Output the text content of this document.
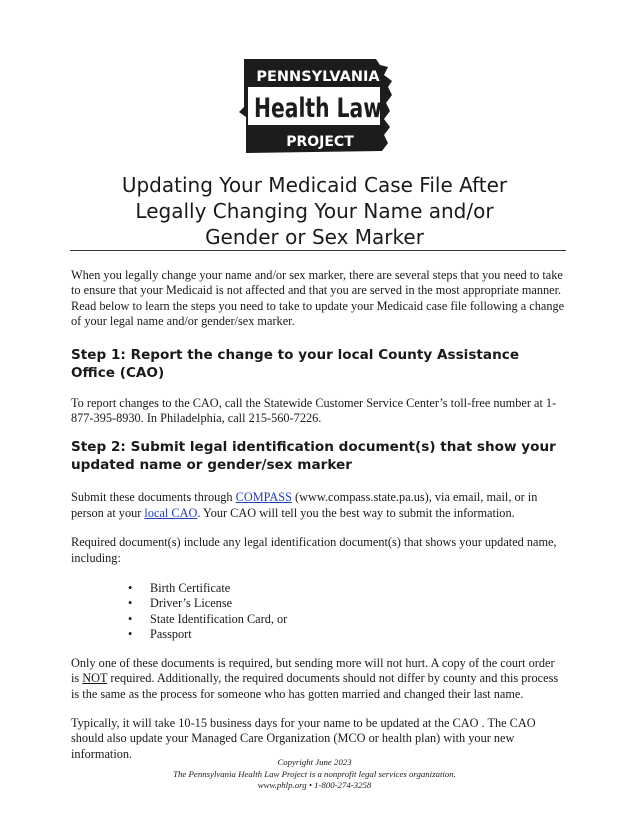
PENNSYLVANIA
Health Law
PROJECT
Updating Your Medicaid Case File After
Legally Changing Your Name and/or
Gender or Sex Marker

When you legally change your name and/or sex marker, there are several steps that you need to take to ensure that your Medicaid is not affected and that you are served in the most appropriate manner. Read below to learn the steps you need to take to update your Medicaid case file following a change of your legal name and/or gender/sex marker.

Step 1: Report the change to your local County Assistance Office (CAO)

To report changes to the CAO, call the Statewide Customer Service Center’s toll-free number at 1-877-395-8930. In Philadelphia, call 215-560-7226.

Step 2: Submit legal identification document(s) that show your updated name or gender/sex marker

Submit these documents through COMPASS (www.compass.state.pa.us), via email, mail, or in person at your local CAO. Your CAO will tell you the best way to submit the information.

Required document(s) include any legal identification document(s) that shows your updated name, including:

• Birth Certificate
• Driver’s License
• State Identification Card, or
• Passport

Only one of these documents is required, but sending more will not hurt. A copy of the court order is NOT required. Additionally, the required documents should not differ by county and this process is the same as the process for someone who has gotten married and changed their last name.

Typically, it will take 10-15 business days for your name to be updated at the CAO . The CAO should also update your Managed Care Organization (MCO or health plan) with your new information.

Copyright June 2023
The Pennsylvania Health Law Project is a nonprofit legal services organization.
www.phlp.org • 1-800-274-3258
